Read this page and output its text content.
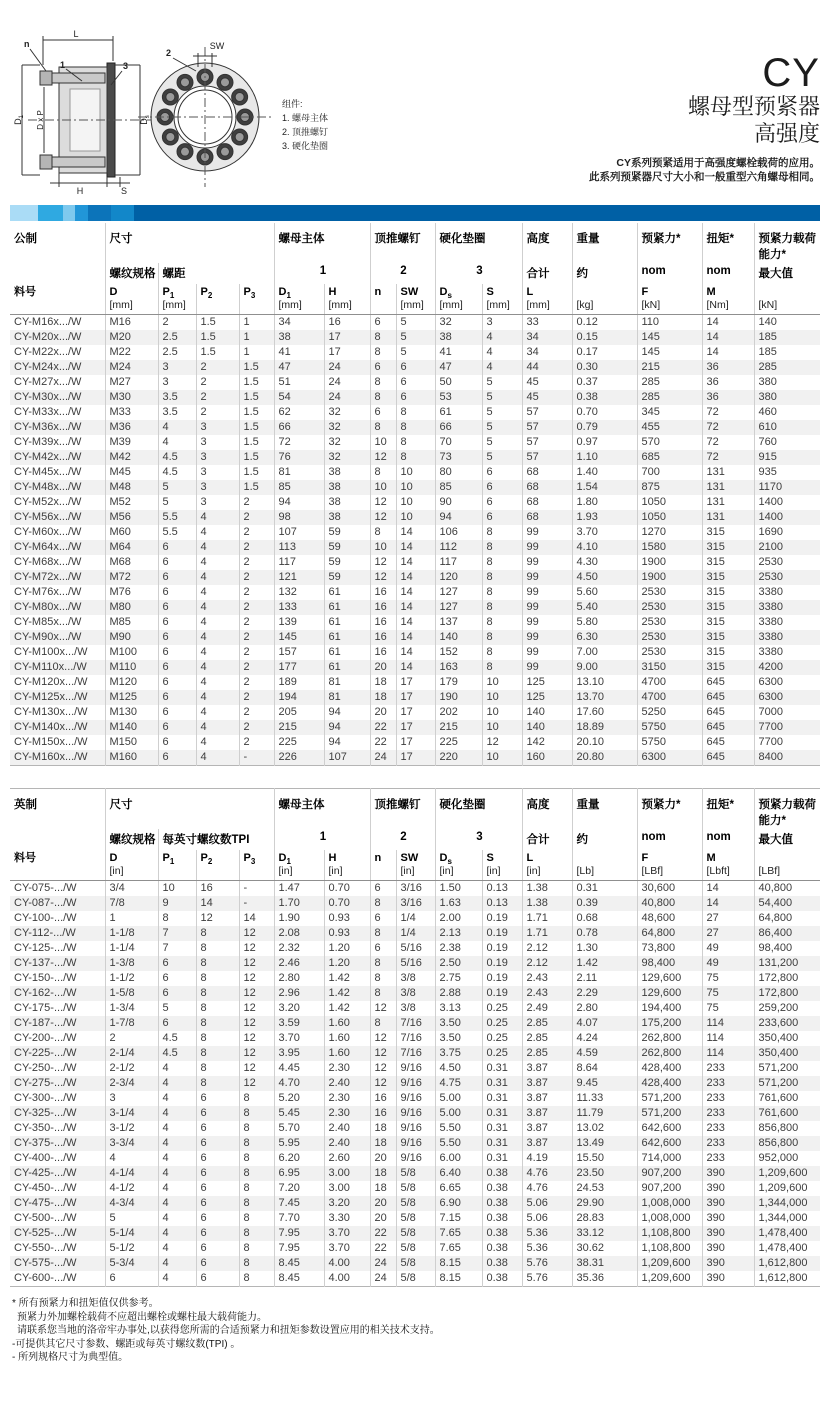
L
n
1	3
$D_1$ D x P	$D_s$
H	S
SW
2
组件:
1. 螺母主体
2. 顶推螺钉
3. 硬化垫圈
CY
螺母型预紧器
高强度
CY系列预紧适用于高强度螺栓载荷的应用。
此系列预紧器尺寸大小和一般重型六角螺母相同。
公制	尺寸				螺母主体		顶推螺钉		硬化垫圈		高度	重量	预紧力*	扭矩*	预紧力载荷能力*
	螺纹规格	螺距			1		2		3		合计	约	nom	nom	最大值

料号	D
[mm]

$P_1$
[mm]

$P_2$	$P_3$	$D_1$
[mm]

H
[mm]

n	SW
[mm]

$D_s$
[mm]

S
[mm]

L
[mm]	[kg]

F
[kN]

M
[Nm]	[kN]

CY-M16x.../W	M16	2	1.5	1	34	16	6	5	32	3	33	0.12	110	14	140
CY-M20x.../W	M20	2.5	1.5	1	38	17	8	5	38	4	34	0.15	145	14	185
CY-M22x.../W	M22	2.5	1.5	1	41	17	8	5	41	4	34	0.17	145	14	185
CY-M24x.../W	M24	3	2	1.5	47	24	6	6	47	4	44	0.30	215	36	285
CY-M27x.../W	M27	3	2	1.5	51	24	8	6	50	5	45	0.37	285	36	380
CY-M30x.../W	M30	3.5	2	1.5	54	24	8	6	53	5	45	0.38	285	36	380
CY-M33x.../W	M33	3.5	2	1.5	62	32	6	8	61	5	57	0.70	345	72	460
CY-M36x.../W	M36	4	3	1.5	66	32	8	8	66	5	57	0.79	455	72	610
CY-M39x.../W	M39	4	3	1.5	72	32	10	8	70	5	57	0.97	570	72	760
CY-M42x.../W	M42	4.5	3	1.5	76	32	12	8	73	5	57	1.10	685	72	915
CY-M45x.../W	M45	4.5	3	1.5	81	38	8	10	80	6	68	1.40	700	131	935
CY-M48x.../W	M48	5	3	1.5	85	38	10	10	85	6	68	1.54	875	131	1170
CY-M52x.../W	M52	5	3	2	94	38	12	10	90	6	68	1.80	1050	131	1400
CY-M56x.../W	M56	5.5	4	2	98	38	12	10	94	6	68	1.93	1050	131	1400
CY-M60x.../W	M60	5.5	4	2	107	59	8	14	106	8	99	3.70	1270	315	1690
CY-M64x.../W	M64	6	4	2	113	59	10	14	112	8	99	4.10	1580	315	2100
CY-M68x.../W	M68	6	4	2	117	59	12	14	117	8	99	4.30	1900	315	2530
CY-M72x.../W	M72	6	4	2	121	59	12	14	120	8	99	4.50	1900	315	2530
CY-M76x.../W	M76	6	4	2	132	61	16	14	127	8	99	5.60	2530	315	3380
CY-M80x.../W	M80	6	4	2	133	61	16	14	127	8	99	5.40	2530	315	3380
CY-M85x.../W	M85	6	4	2	139	61	16	14	137	8	99	5.80	2530	315	3380
CY-M90x.../W	M90	6	4	2	145	61	16	14	140	8	99	6.30	2530	315	3380
CY-M100x.../W	M100	6	4	2	157	61	16	14	152	8	99	7.00	2530	315	3380
CY-M110x.../W	M110	6	4	2	177	61	20	14	163	8	99	9.00	3150	315	4200
CY-M120x.../W	M120	6	4	2	189	81	18	17	179	10	125	13.10	4700	645	6300
CY-M125x.../W	M125	6	4	2	194	81	18	17	190	10	125	13.70	4700	645	6300
CY-M130x.../W	M130	6	4	2	205	94	20	17	202	10	140	17.60	5250	645	7000
CY-M140x.../W	M140	6	4	2	215	94	22	17	215	10	140	18.89	5750	645	7700
CY-M150x.../W	M150	6	4	2	225	94	22	17	225	12	142	20.10	5750	645	7700
CY-M160x.../W	M160	6	4	-	226	107	24	17	220	10	160	20.80	6300	645	8400
英制	尺寸				螺母主体		顶推螺钉		硬化垫圈		高度	重量	预紧力*	扭矩*	预紧力载荷能力*
	螺纹规格	每英寸螺纹数TPI			1		2		3		合计	约	nom	nom	最大值

料号	D
[in]

$P_1$	$P_2$	$P_3$	$D_1$
[in]

H
[in]

n	SW
[in]

$D_s$
[in]

S
[in]

L
[in]	[Lb]

F
[LBf]

M
[Lbft]	[LBf]

CY-075-.../W	3/4	10	16	-	1.47	0.70	6	3/16	1.50	0.13	1.38	0.31	30,600	14	40,800
CY-087-.../W	7/8	9	14	-	1.70	0.70	8	3/16	1.63	0.13	1.38	0.39	40,800	14	54,400
CY-100-.../W	1	8	12	14	1.90	0.93	6	1/4	2.00	0.19	1.71	0.68	48,600	27	64,800
CY-112-.../W	1-1/8	7	8	12	2.08	0.93	8	1/4	2.13	0.19	1.71	0.78	64,800	27	86,400
CY-125-.../W	1-1/4	7	8	12	2.32	1.20	6	5/16	2.38	0.19	2.12	1.30	73,800	49	98,400
CY-137-.../W	1-3/8	6	8	12	2.46	1.20	8	5/16	2.50	0.19	2.12	1.42	98,400	49	131,200
CY-150-.../W	1-1/2	6	8	12	2.80	1.42	8	3/8	2.75	0.19	2.43	2.11	129,600	75	172,800
CY-162-.../W	1-5/8	6	8	12	2.96	1.42	8	3/8	2.88	0.19	2.43	2.29	129,600	75	172,800
CY-175-.../W	1-3/4	5	8	12	3.20	1.42	12	3/8	3.13	0.25	2.49	2.80	194,400	75	259,200
CY-187-.../W	1-7/8	6	8	12	3.59	1.60	8	7/16	3.50	0.25	2.85	4.07	175,200	114	233,600
CY-200-.../W	2	4.5	8	12	3.70	1.60	12	7/16	3.50	0.25	2.85	4.24	262,800	114	350,400
CY-225-.../W	2-1/4	4.5	8	12	3.95	1.60	12	7/16	3.75	0.25	2.85	4.59	262,800	114	350,400
CY-250-.../W	2-1/2	4	8	12	4.45	2.30	12	9/16	4.50	0.31	3.87	8.64	428,400	233	571,200
CY-275-.../W	2-3/4	4	8	12	4.70	2.40	12	9/16	4.75	0.31	3.87	9.45	428,400	233	571,200
CY-300-.../W	3	4	6	8	5.20	2.30	16	9/16	5.00	0.31	3.87	11.33	571,200	233	761,600
CY-325-.../W	3-1/4	4	6	8	5.45	2.30	16	9/16	5.00	0.31	3.87	11.79	571,200	233	761,600
CY-350-.../W	3-1/2	4	6	8	5.70	2.40	18	9/16	5.50	0.31	3.87	13.02	642,600	233	856,800
CY-375-.../W	3-3/4	4	6	8	5.95	2.40	18	9/16	5.50	0.31	3.87	13.49	642,600	233	856,800
CY-400-.../W	4	4	6	8	6.20	2.60	20	9/16	6.00	0.31	4.19	15.50	714,000	233	952,000
CY-425-.../W	4-1/4	4	6	8	6.95	3.00	18	5/8	6.40	0.38	4.76	23.50	907,200	390	1,209,600
CY-450-.../W	4-1/2	4	6	8	7.20	3.00	18	5/8	6.65	0.38	4.76	24.53	907,200	390	1,209,600
CY-475-.../W	4-3/4	4	6	8	7.45	3.20	20	5/8	6.90	0.38	5.06	29.90	1,008,000	390	1,344,000
CY-500-.../W	5	4	6	8	7.70	3.30	20	5/8	7.15	0.38	5.06	28.83	1,008,000	390	1,344,000
CY-525-.../W	5-1/4	4	6	8	7.95	3.70	22	5/8	7.65	0.38	5.36	33.12	1,108,800	390	1,478,400
CY-550-.../W	5-1/2	4	6	8	7.95	3.70	22	5/8	7.65	0.38	5.36	30.62	1,108,800	390	1,478,400
CY-575-.../W	5-3/4	4	6	8	8.45	4.00	24	5/8	8.15	0.38	5.76	38.31	1,209,600	390	1,612,800
CY-600-.../W	6	4	6	8	8.45	4.00	24	5/8	8.15	0.38	5.76	35.36	1,209,600	390	1,612,800
* 所有预紧力和扭矩值仅供参考。
预紧力外加螺栓载荷不应超出螺栓或螺柱最大载荷能力。
请联系您当地的洛帝牢办事处,以获得您所需的合适预紧力和扭矩参数设置应用的相关技术支持。
-可提供其它尺寸参数、螺距或每英寸螺纹数(TPI) 。
- 所列规格尺寸为典型值。
